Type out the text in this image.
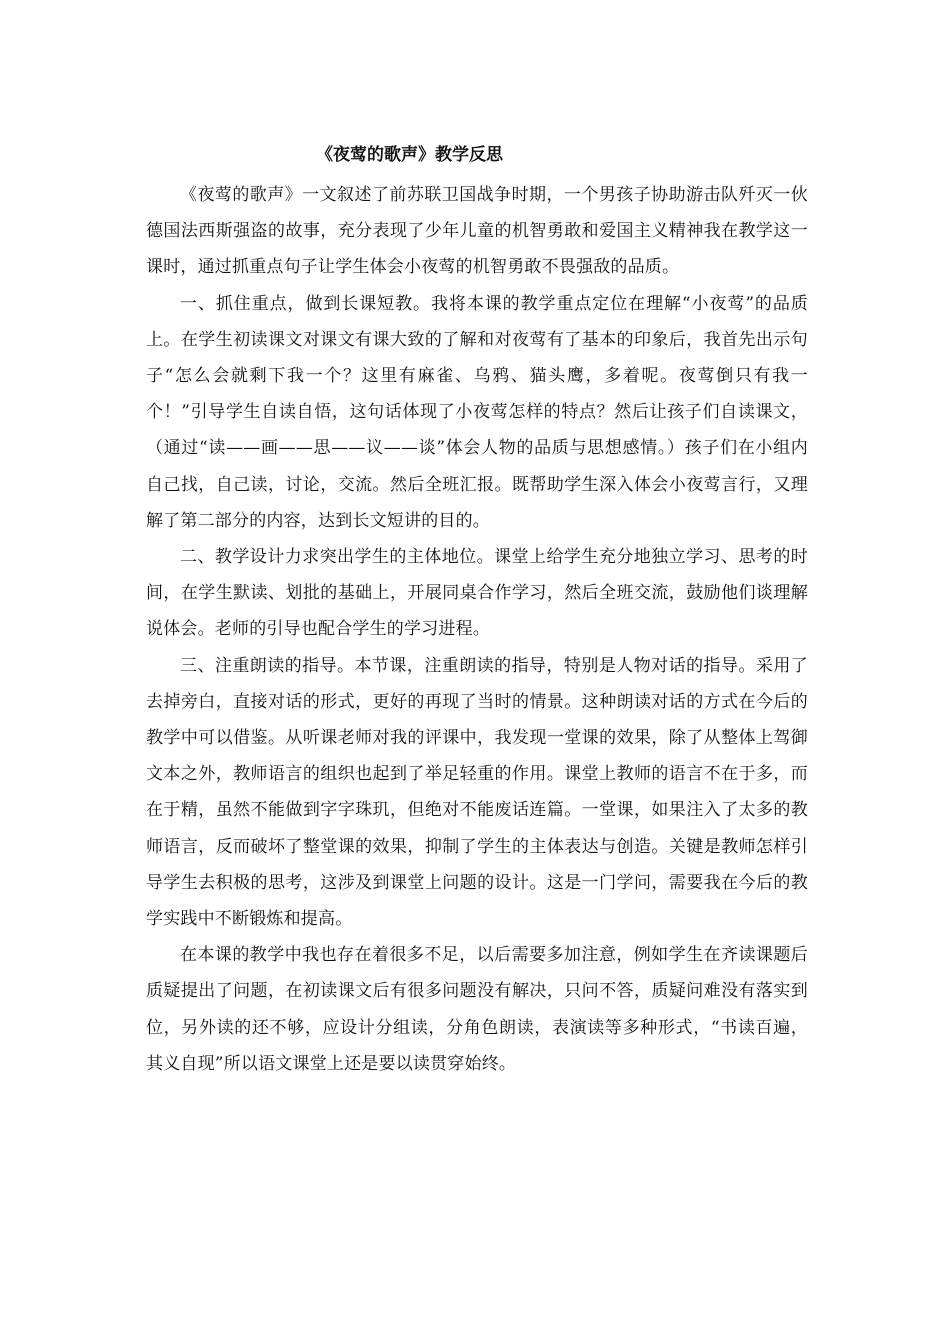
《夜莺的歌声》教学反思

《夜莺的歌声》一文叙述了前苏联卫国战争时期，一个男孩子协助游击队歼灭一伙德国法西斯强盗的故事，充分表现了少年儿童的机智勇敢和爱国主义精神我在教学这一课时，通过抓重点句子让学生体会小夜莺的机智勇敢不畏强敌的品质。

一、抓住重点，做到长课短教。我将本课的教学重点定位在理解“小夜莺”的品质上。在学生初读课文对课文有课大致的了解和对夜莺有了基本的印象后，我首先出示句子“怎么会就剩下我一个？这里有麻雀、乌鸦、猫头鹰，多着呢。夜莺倒只有我一个！”引导学生自读自悟，这句话体现了小夜莺怎样的特点？然后让孩子们自读课文，（通过“读——画——思——议——谈”体会人物的品质与思想感情。）孩子们在小组内自己找，自己读，讨论，交流。然后全班汇报。既帮助学生深入体会小夜莺言行，又理解了第二部分的内容，达到长文短讲的目的。

二、教学设计力求突出学生的主体地位。课堂上给学生充分地独立学习、思考的时间，在学生默读、划批的基础上，开展同桌合作学习，然后全班交流，鼓励他们谈理解说体会。老师的引导也配合学生的学习进程。

三、注重朗读的指导。本节课，注重朗读的指导，特别是人物对话的指导。采用了去掉旁白，直接对话的形式，更好的再现了当时的情景。这种朗读对话的方式在今后的教学中可以借鉴。从听课老师对我的评课中，我发现一堂课的效果，除了从整体上驾御文本之外，教师语言的组织也起到了举足轻重的作用。课堂上教师的语言不在于多，而在于精，虽然不能做到字字珠玑，但绝对不能废话连篇。一堂课，如果注入了太多的教师语言，反而破坏了整堂课的效果，抑制了学生的主体表达与创造。关键是教师怎样引导学生去积极的思考，这涉及到课堂上问题的设计。这是一门学问，需要我在今后的教学实践中不断锻炼和提高。

在本课的教学中我也存在着很多不足，以后需要多加注意，例如学生在齐读课题后质疑提出了问题，在初读课文后有很多问题没有解决，只问不答，质疑问难没有落实到位，另外读的还不够，应设计分组读，分角色朗读，表演读等多种形式，“书读百遍，其义自现”所以语文课堂上还是要以读贯穿始终。
